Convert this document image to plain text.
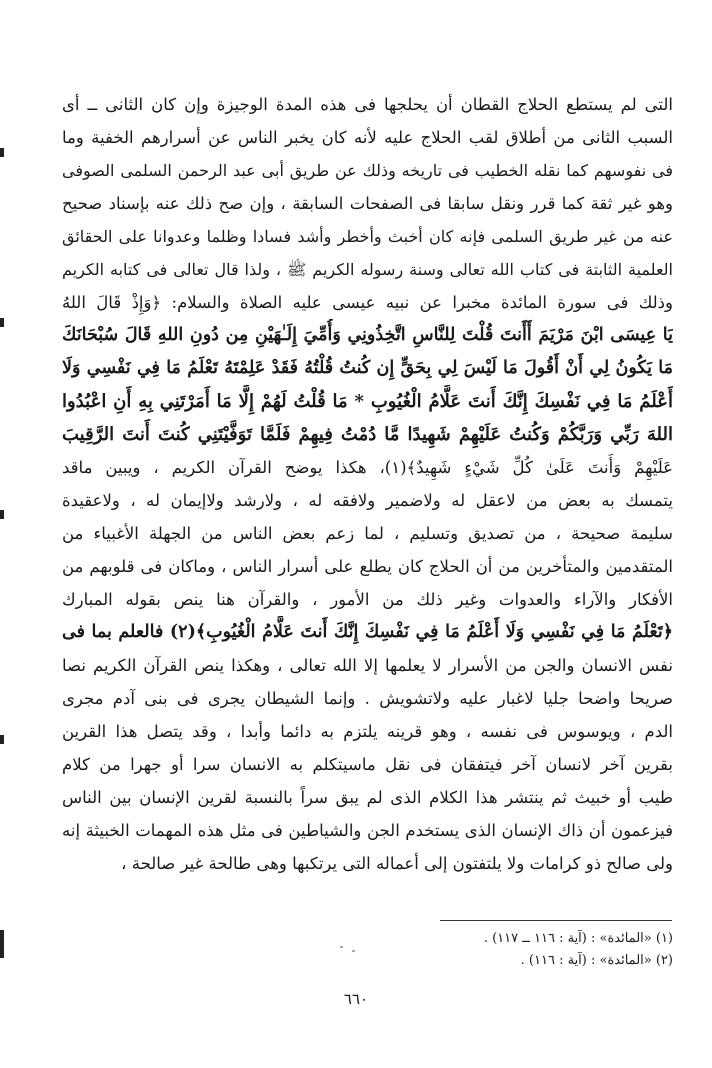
التى لم يستطع الحلاج القطان أن يحلجها فى هذه المدة الوجيزة وإن كان الثانى ــ أى
السبب الثانى من أطلاق لقب الحلاج عليه لأنه كان يخبر الناس عن أسرارهم الخفية وما
فى نفوسهم كما نقله الخطيب فى تاريخه وذلك عن طريق أبى عبد الرحمن السلمى الصوفى
وهو غير ثقة كما قرر ونقل سابقا فى الصفحات السابقة ، وإن صح ذلك عنه بإسناد صحيح
عنه من غير طريق السلمى فإنه كان أخبث وأخطر وأشد فسادا وظلما وعدوانا على الحقائق
العلمية الثابتة فى كتاب الله تعالى وسنة رسوله الكريم ﷺ ، ولذا قال تعالى فى كتابه الكريم
وذلك فى سورة المائدة مخبرا عن نبيه عيسى عليه الصلاة والسلام: ﴿وَإِذْ قَالَ اللهُ
يَا عِيسَى ابْنَ مَرْيَمَ أَأَنتَ قُلْتَ لِلنَّاسِ اتَّخِذُونِي وَأُمِّيَ إِلَـٰهَيْنِ مِن دُونِ اللهِ قَالَ سُبْحَانَكَ
مَا يَكُونُ لِي أَنْ أَقُولَ مَا لَيْسَ لِي بِحَقٍّ إِن كُنتُ قُلْتُهُ فَقَدْ عَلِمْتَهُ تَعْلَمُ مَا فِي نَفْسِي وَلَا
أَعْلَمُ مَا فِي نَفْسِكَ إِنَّكَ أَنتَ عَلَّامُ الْغُيُوبِ * مَا قُلْتُ لَهُمْ إِلَّا مَا أَمَرْتَنِي بِهِ أَنِ اعْبُدُوا
اللهَ رَبِّي وَرَبَّكُمْ وَكُنتُ عَلَيْهِمْ شَهِيدًا مَّا دُمْتُ فِيهِمْ فَلَمَّا تَوَفَّيْتَنِي كُنتَ أَنتَ الرَّقِيبَ
عَلَيْهِمْ وَأَنتَ عَلَىٰ كُلِّ شَيْءٍ شَهِيدٌ﴾(١)، هكذا يوضح القرآن الكريم ، ويبين ماقد
يتمسك به بعض من لاعقل له ولاضمير ولافقه له ، ولارشد ولاإيمان له ، ولاعقيدة
سليمة صحيحة ، من تصديق وتسليم ، لما زعم بعض الناس من الجهلة الأغبياء من
المتقدمين والمتأخرين من أن الحلاج كان يطلع على أسرار الناس ، وماكان فى قلوبهم من
الأفكار والآراء والعدوات وغير ذلك من الأمور ، والقرآن هنا ينص بقوله المبارك
﴿تَعْلَمُ مَا فِي نَفْسِي وَلَا أَعْلَمُ مَا فِي نَفْسِكَ إِنَّكَ أَنتَ عَلَّامُ الْغُيُوبِ﴾(٢) فالعلم بما فى
نفس الانسان والجن من الأسرار لا يعلمها إلا الله تعالى ، وهكذا ينص القرآن الكريم نصا
صريحا واضحا جليا لاغبار عليه ولاتشويش . وإنما الشيطان يجرى فى بنى آدم مجرى
الدم ، ويوسوس فى نفسه ، وهو قرينه يلتزم به دائما وأبدا ، وقد يتصل هذا القرين
بقرين آخر لانسان آخر فيتفقان فى نقل ماسيتكلم به الانسان سرا أو جهرا من كلام
طيب أو خبيث ثم ينتشر هذا الكلام الذى لم يبق سراً بالنسبة لقرين الإنسان بين الناس
فيزعمون أن ذاك الإنسان الذى يستخدم الجن والشياطين فى مثل هذه المهمات الخبيثة إنه
ولى صالح ذو كرامات ولا يلتفتون إلى أعماله التى يرتكبها وهى طالحة غير صالحة ،
(١) «المائدة» : (آية : ١١٦ ــ ١١٧) .
(٢) «المائدة» : (آية : ١١٦) .
٦٦٠
